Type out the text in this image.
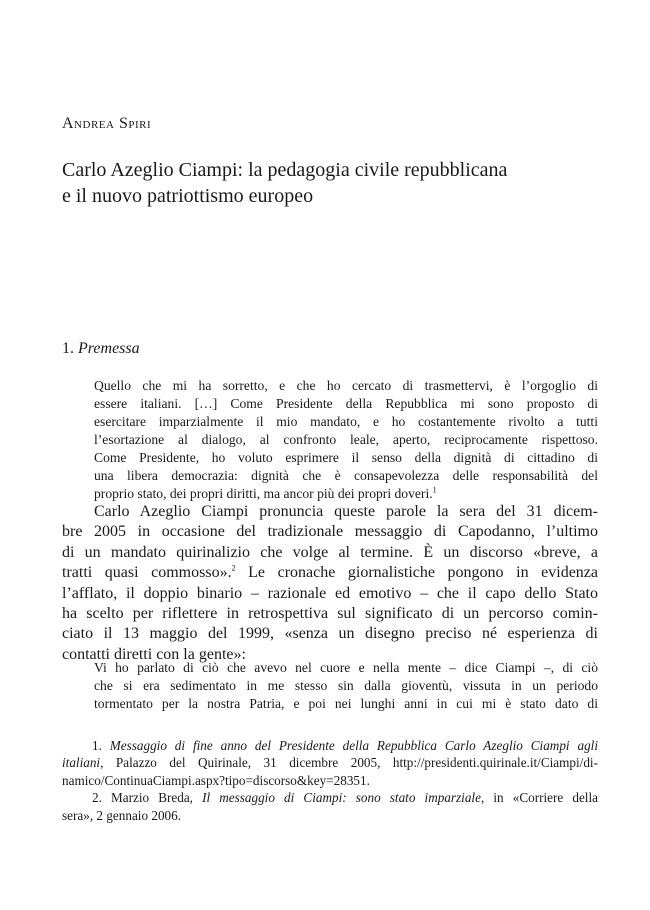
Andrea Spiri
Carlo Azeglio Ciampi: la pedagogia civile repubblicana
e il nuovo patriottismo europeo
1. Premessa

Quello che mi ha sorretto, e che ho cercato di trasmettervi, è l’orgoglio di

essere italiani. […] Come Presidente della Repubblica mi sono proposto di

esercitare imparzialmente il mio mandato, e ho costantemente rivolto a tutti

l’esortazione al dialogo, al confronto leale, aperto, reciprocamente rispettoso.

Come Presidente, ho voluto esprimere il senso della dignità di cittadino di

una libera democrazia: dignità che è consapevolezza delle responsabilità del

proprio stato, dei propri diritti, ma ancor più dei propri doveri.$^1$

Carlo Azeglio Ciampi pronuncia queste parole la sera del 31 dicem-

bre 2005 in occasione del tradizionale messaggio di Capodanno, l’ultimo

di un mandato quirinalizio che volge al termine. È un discorso «breve, a

tratti quasi commosso».$^2$ Le cronache giornalistiche pongono in evidenza

l’afflato, il doppio binario – razionale ed emotivo – che il capo dello Stato

ha scelto per riflettere in retrospettiva sul significato di un percorso comin-

ciato il 13 maggio del 1999, «senza un disegno preciso né esperienza di

contatti diretti con la gente»:

Vi ho parlato di ciò che avevo nel cuore e nella mente – dice Ciampi –, di ciò

che si era sedimentato in me stesso sin dalla gioventù, vissuta in un periodo

tormentato per la nostra Patria, e poi nei lunghi anni in cui mi è stato dato di

1. Messaggio di fine anno del Presidente della Repubblica Carlo Azeglio Ciampi agli

italiani, Palazzo del Quirinale, 31 dicembre 2005, http://presidenti.quirinale.it/Ciampi/di-

namico/ContinuaCiampi.aspx?tipo=discorso&key=28351.

2. Marzio Breda, Il messaggio di Ciampi: sono stato imparziale, in «Corriere della

sera», 2 gennaio 2006.
